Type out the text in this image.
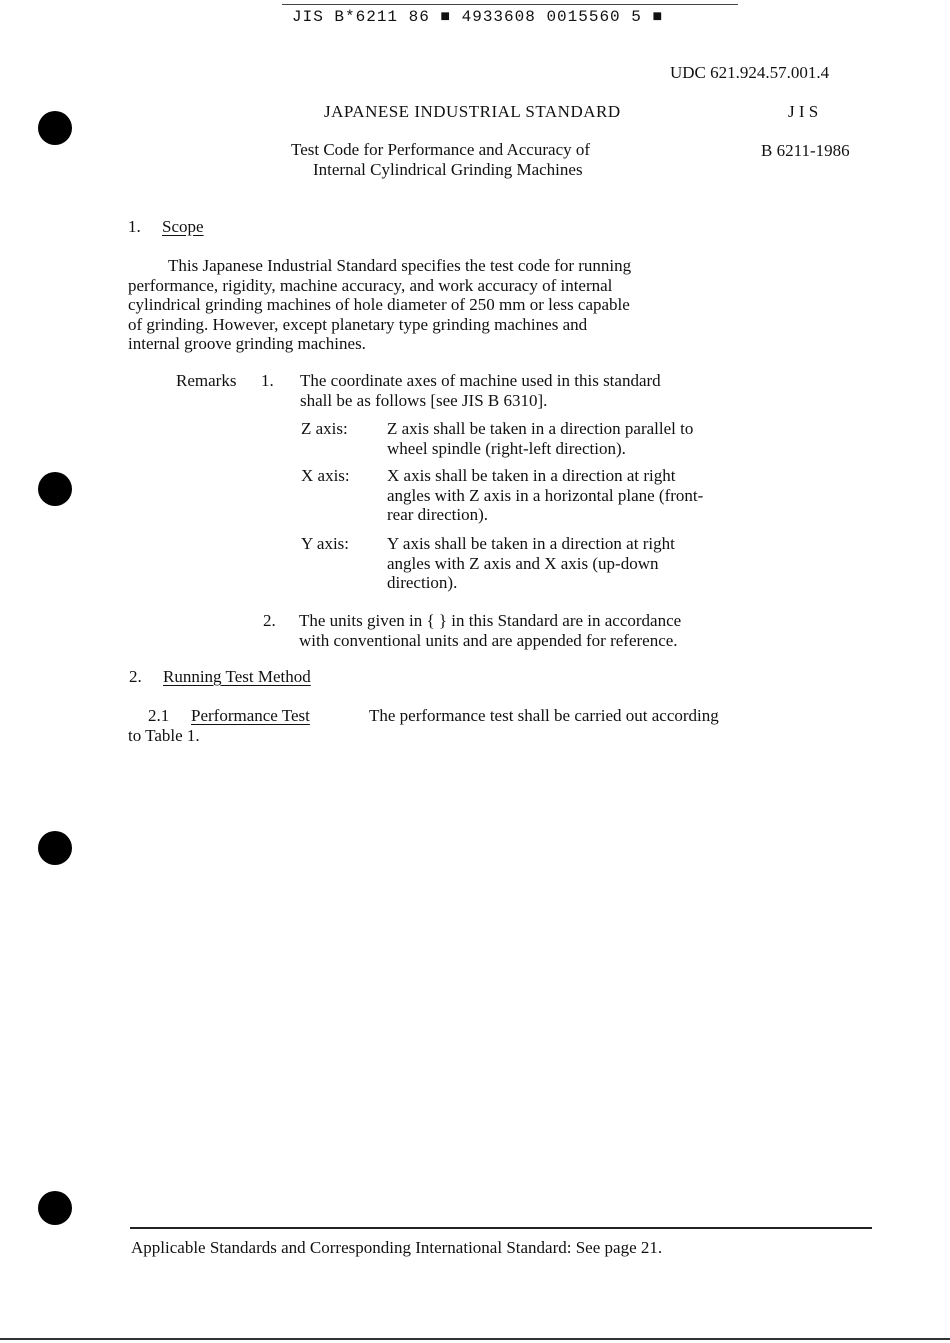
JIS B*6211 86 ■ 4933608 0015560 5 ■
UDC 621.924.57.001.4
JAPANESE INDUSTRIAL STANDARD	J I S
Test Code for Performance and Accuracy of
Internal Cylindrical Grinding Machines
B 6211-1986
1. Scope
This Japanese Industrial Standard specifies the test code for running
performance, rigidity, machine accuracy, and work accuracy of internal
cylindrical grinding machines of hole diameter of 250 mm or less capable
of grinding. However, except planetary type grinding machines and
internal groove grinding machines.
Remarks 1. The coordinate axes of machine used in this standard
shall be as follows [see JIS B 6310].
Z axis: Z axis shall be taken in a direction parallel to
wheel spindle (right-left direction).
X axis: X axis shall be taken in a direction at right
angles with Z axis in a horizontal plane (front-
rear direction).
Y axis: Y axis shall be taken in a direction at right
angles with Z axis and X axis (up-down
direction).
2. The units given in { } in this Standard are in accordance
with conventional units and are appended for reference.
2. Running Test Method
2.1 Performance Test	The performance test shall be carried out according
to Table 1.
Applicable Standards and Corresponding International Standard: See page 21.
